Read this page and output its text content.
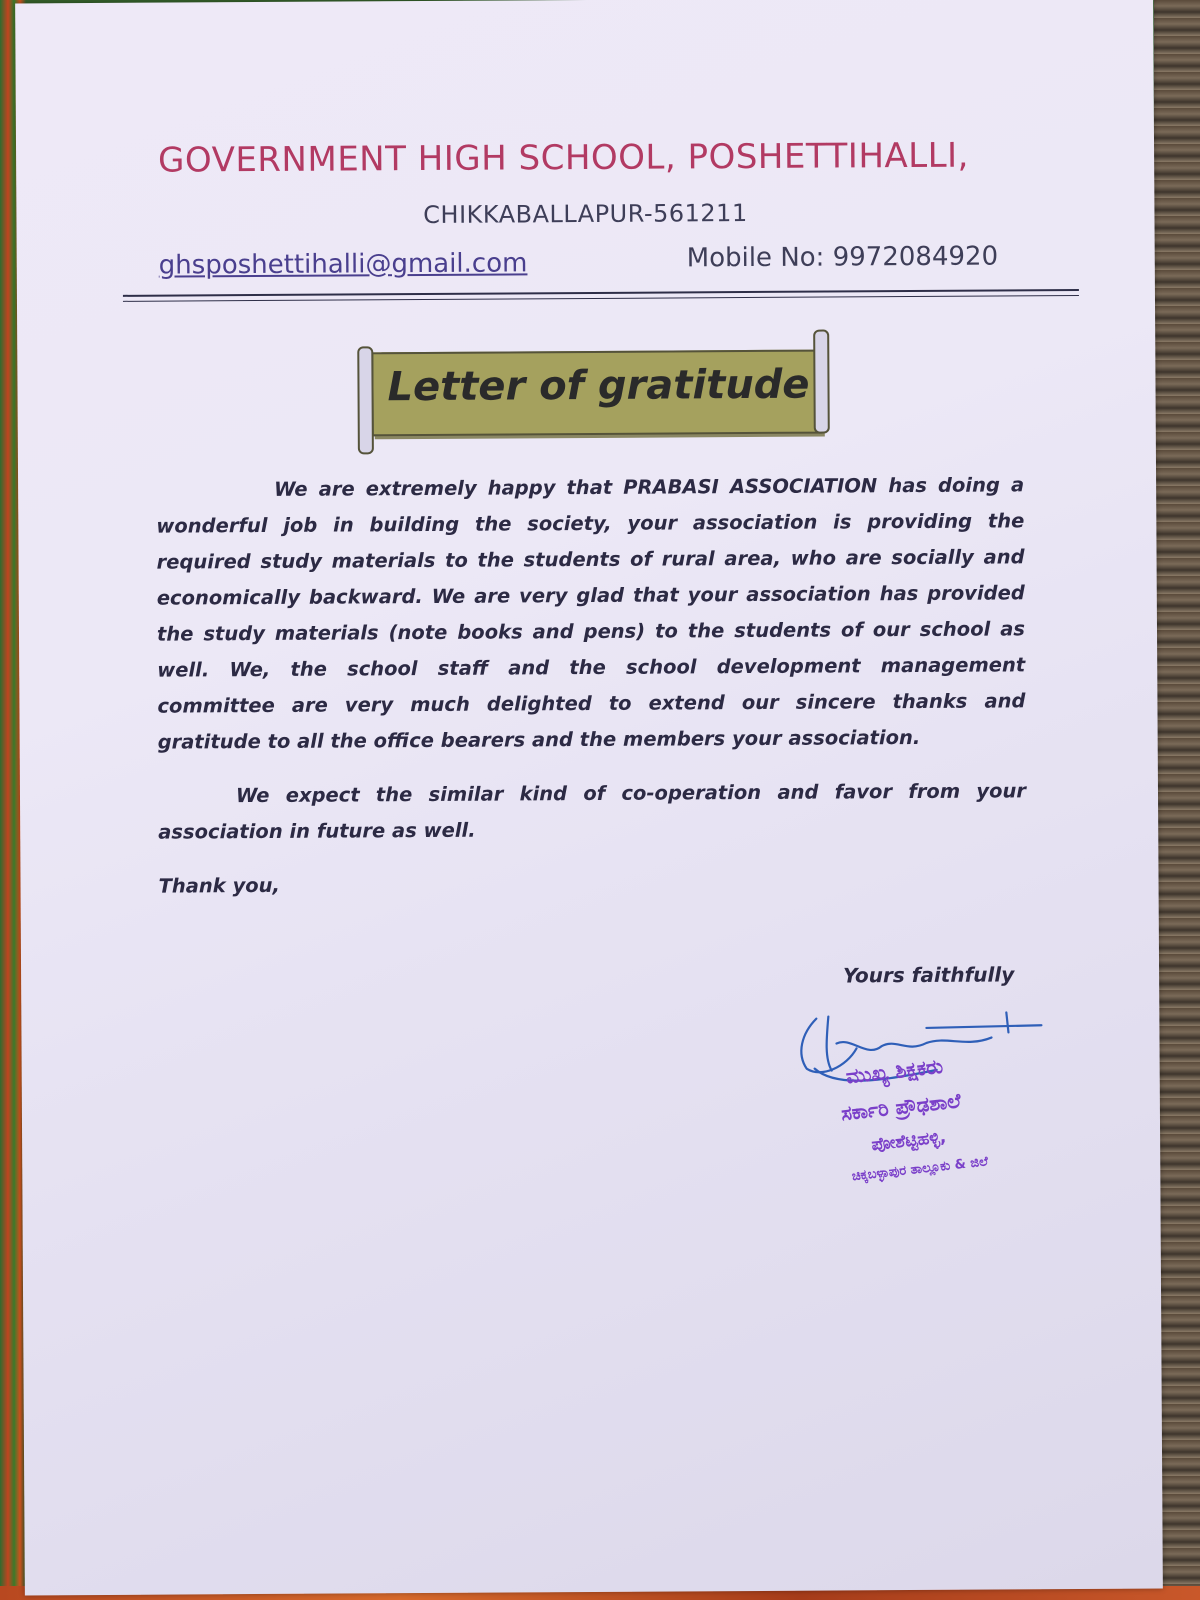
GOVERNMENT HIGH SCHOOL, POSHETTIHALLI,
CHIKKABALLAPUR-561211
ghsposhettihalli@gmail.com	Mobile No: 9972084920
Letter of gratitude
We are extremely happy that PRABASI ASSOCIATION has doing a wonderful job in building the society, your association is providing the required study materials to the students of rural area, who are socially and economically backward. We are very glad that your association has provided the study materials (note books and pens) to the students of our school as well. We, the school staff and the school development management committee are very much delighted to extend our sincere thanks and gratitude to all the office bearers and the members your association.
We expect the similar kind of co-operation and favor from your association in future as well.
Thank you,
Yours faithfully
ಮುಖ್ಯ ಶಿಕ್ಷಕರು
ಸರ್ಕಾರಿ ಪ್ರೌಢಶಾಲೆ
ಪೋಶೆಟ್ಟಿಹಳ್ಳಿ,
ಚಿಕ್ಕಬಳ್ಳಾಪುರ ತಾಲ್ಲೂಕು & ಜಿಲೆ
